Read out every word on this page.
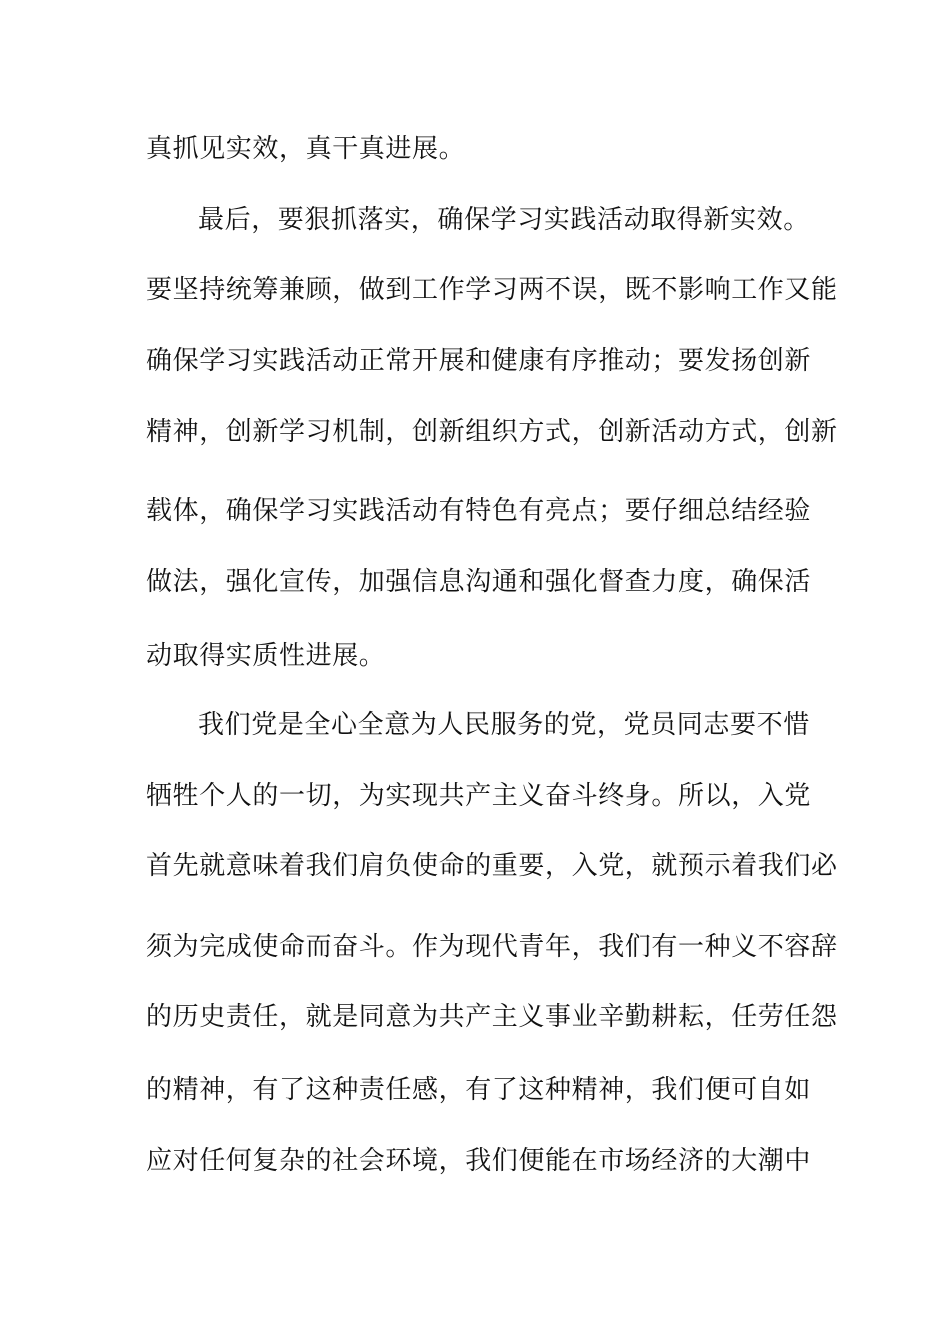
真抓见实效，真干真进展。
最后，要狠抓落实，确保学习实践活动取得新实效。
要坚持统筹兼顾，做到工作学习两不误，既不影响工作又能
确保学习实践活动正常开展和健康有序推动；要发扬创新
精神，创新学习机制，创新组织方式，创新活动方式，创新
载体，确保学习实践活动有特色有亮点；要仔细总结经验
做法，强化宣传，加强信息沟通和强化督查力度，确保活
动取得实质性进展。
我们党是全心全意为人民服务的党，党员同志要不惜
牺牲个人的一切，为实现共产主义奋斗终身。所以，入党
首先就意味着我们肩负使命的重要，入党，就预示着我们必
须为完成使命而奋斗。作为现代青年，我们有一种义不容辞
的历史责任，就是同意为共产主义事业辛勤耕耘，任劳任怨
的精神，有了这种责任感，有了这种精神，我们便可自如
应对任何复杂的社会环境，我们便能在市场经济的大潮中
